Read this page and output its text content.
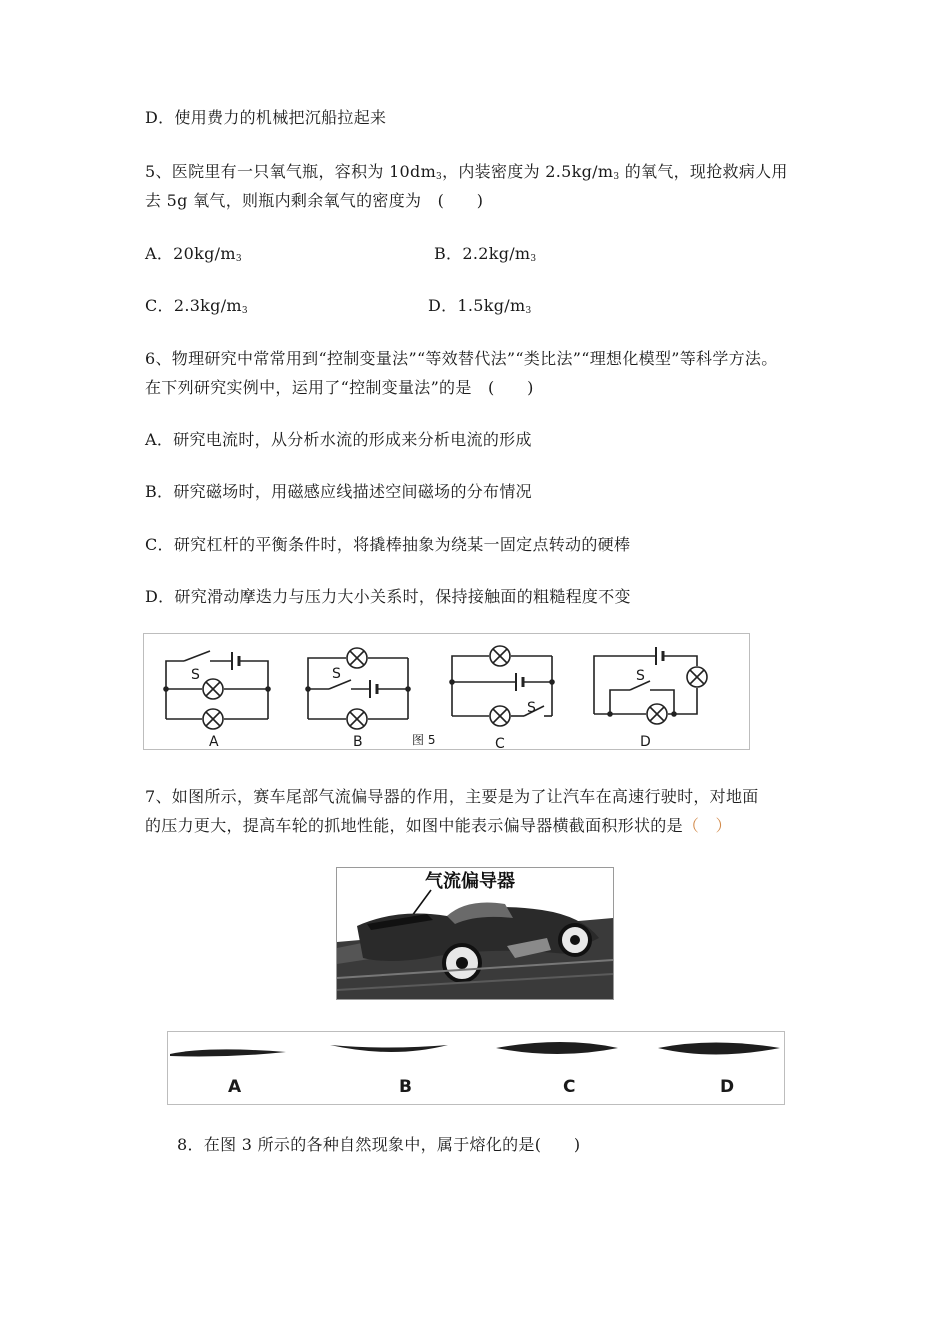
D．使用费力的机械把沉船拉起来
5、医院里有一只氧气瓶，容积为 $10dm_3$，内装密度为 $2.5kg/m_3$ 的氧气，现抢救病人用
去 5g 氧气，则瓶内剩余氧气的密度为　(　　)
A．$20kg/m_3$	B．$2.2kg/m_3$
C．$2.3kg/m_3$	D．$1.5kg/m_3$
6、物理研究中常常用到“控制变量法”“等效替代法”“类比法”“理想化模型”等科学方法。
在下列研究实例中，运用了“控制变量法”的是　(　　)
A．研究电流时，从分析水流的形成来分析电流的形成
B．研究磁场时，用磁感应线描述空间磁场的分布情况
C．研究杠杆的平衡条件时，将撬棒抽象为绕某一固定点转动的硬棒
D．研究滑动摩迭力与压力大小关系时，保持接触面的粗糙程度不变
S	S
S
S
A	B	图 5	C	D
7、如图所示，赛车尾部气流偏导器的作用，主要是为了让汽车在高速行驶时，对地面
的压力更大，提高车轮的抓地性能，如图中能表示偏导器横截面积形状的是（　）
气流偏导器
A	B	C	D
8．在图 3 所示的各种自然现象中，属于熔化的是(　　)
